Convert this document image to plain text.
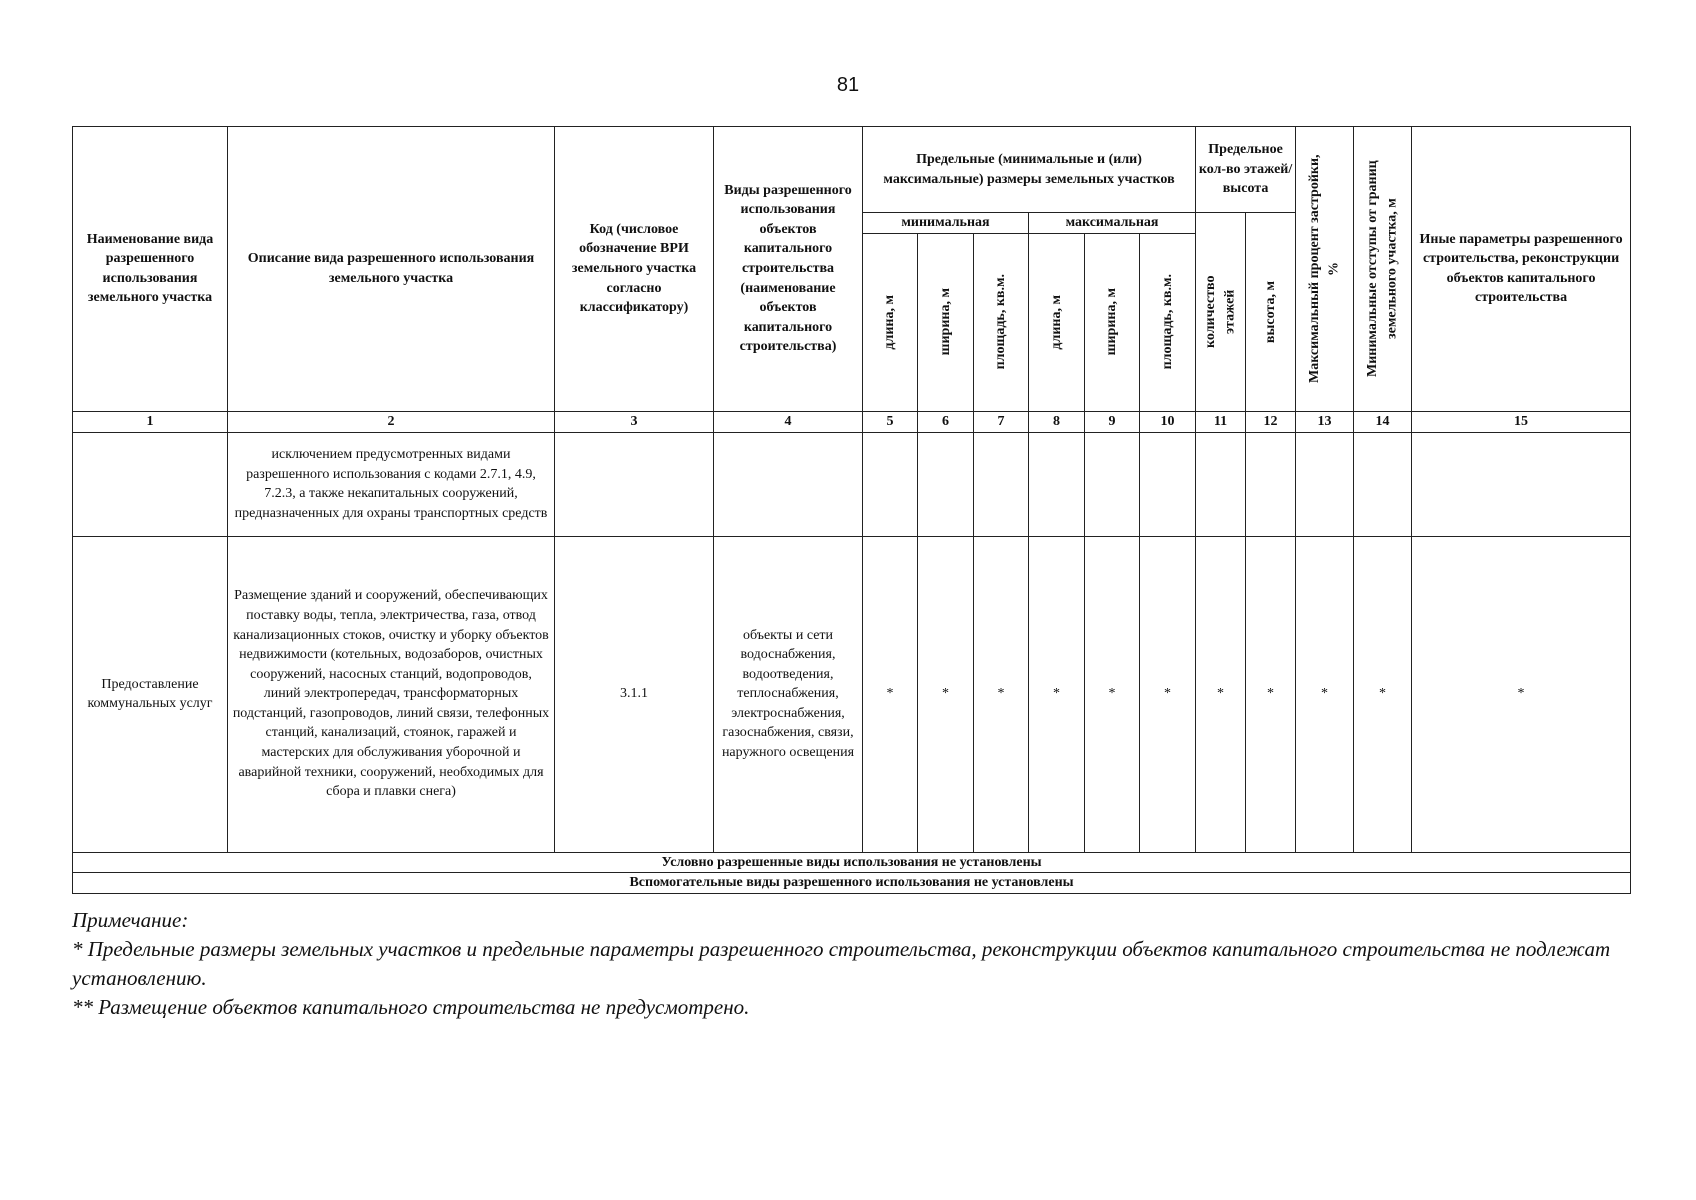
81
Наименование вида разрешенного использования земельного участка	Описание вида разрешенного использования земельного участка	Код (числовое обозначение ВРИ земельного участка согласно классификатору)	Виды разрешенного использования объектов капитального строительства (наименование объектов капитального строительства)	Предельные (минимальные и (или) максимальные) размеры земельных участков						Предельное кол-во этажей/ высота		Максимальный процент застройки, %	Минимальные отступы от границ земельного участка, м	Иные параметры разрешенного строительства, реконструкции объектов капитального строительства
				минимальная			максимальная			количество этажей	высота, м			

				длина, м	ширина, м	площадь, кв.м.	длина, м	ширина, м	площадь, кв.м.					

1	2	3	4	5	6	7	8	9	10	11	12	13	14	15
	исключением предусмотренных видами разрешенного использования с кодами 2.7.1, 4.9, 7.2.3, а также некапитальных сооружений, предназначенных для охраны транспортных средств													
Предоставление коммунальных услуг	Размещение зданий и сооружений, обеспечивающих поставку воды, тепла, электричества, газа, отвод канализационных стоков, очистку и уборку объектов недвижимости (котельных, водозаборов, очистных сооружений, насосных станций, водопроводов, линий электропередач, трансформаторных подстанций, газопроводов, линий связи, телефонных станций, канализаций, стоянок, гаражей и мастерских для обслуживания уборочной и аварийной техники, сооружений, необходимых для сбора и плавки снега)	3.1.1	объекты и сети водоснабжения, водоотведения, теплоснабжения, электроснабжения, газоснабжения, связи, наружного освещения	*	*	*	*	*	*	*	*	*	*	*
Условно разрешенные виды использования не установлены														
Вспомогательные виды разрешенного использования не установлены														

Примечание:

* Предельные размеры земельных участков и предельные параметры разрешенного строительства, реконструкции объектов капитального строительства не подлежат установлению.

** Размещение объектов капитального строительства не предусмотрено.
